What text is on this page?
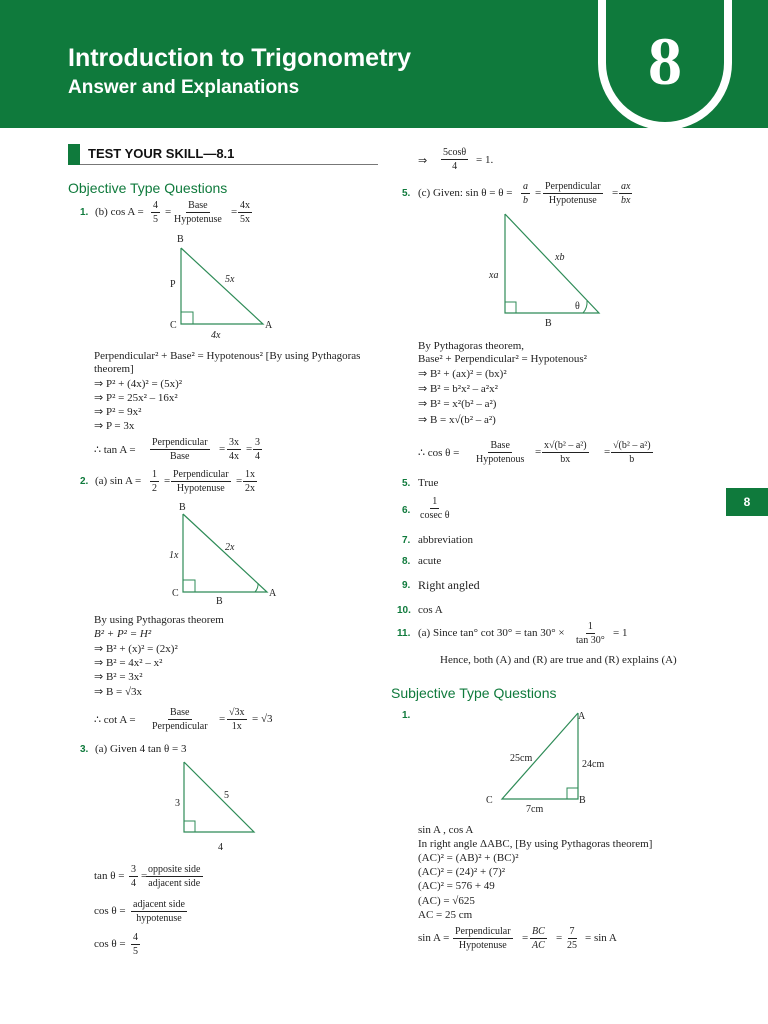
Introduction to Trigonometry
Answer and Explanations	8
8
TEST YOUR SKILL—8.1
Objective Type Questions
1. (b) $\cos A = \frac{4}{5}$ =
Base
Hypotenuse
= $\frac{4x}{5x}$
B
P	5x
C	A
4x
Perpendicular² + Base² = Hypotenous² [By using Pythagoras
theorem]
⇒ P² + (4x)² = (5x)²
⇒ P² = 25x² – 16x²
⇒ P² = 9x²
⇒ P = 3x
∴ tan A =
Perpendicular
Base
= $\frac{3x}{4x} = \frac{3}{4}$
2. (a) $\sin A = \frac{1}{2}$ =
Perpendicular
Hypotenuse
= $\frac{1x}{2x}$
B
1x
2x
C
B
A
By using Pythagoras theorem
B² + P² = H²
⇒ B² + (x)² = (2x)²
⇒ B² = 4x² – x²
⇒ B² = 3x²
⇒ B = √3x
∴ cot A =
Base
Perpendicular
= $\frac{√3x}{1x} = √3$
3. (a) Given 4 tan θ = 3
5
3
4
$\tan \theta = \frac{3}{4}$ =
opposite side
adjacent side
cos θ =
adjacent side
hypotenuse
$\cos \theta = \frac{4}{5}$
⇒ $\frac{5\cos\theta}{4} = 1$.
5. (c) Given: $\sin \theta = \theta = \frac{a}{b}$ =
Perpendicular
Hypotenuse
= $\frac{ax}{bx}$
xb
xa
θ
B
By Pythagoras theorem,
Base² + Perpendicular² = Hypotenous²
⇒ B² + (ax)² = (bx)²
⇒ B² = b²x² – a²x²
⇒ B² = x²(b² – a²)
⇒ B = x√(b² – a²)
∴ cos θ =
Base
Hypotenous
= $\frac{\text{x√(b² – a²)}}{bx} = \frac{\text{√(b² – a²)}}{b}$
5. True
6. $\frac{1}{\text{cosec θ}}$
7. abbreviation
8. acute
9. Right angled
10. cos A
11. (a) Since tan° $\cot 30^\circ = \tan 30^\circ \times \frac{1}{\tan 30^\circ} = 1$
Hence, both (A) and (R) are true and (R) explains (A)
Subjective Type Questions
1.	A
25cm
24cm
C	B
7cm
sin A , cos A
In right angle ΔABC, [By using Pythagoras theorem]
(AC)² = (AB)² + (BC)²
(AC)² = (24)² + (7)²
(AC)² = 576 + 49
(AC) = √625
AC = 25 cm
sin A =
Perpendicular
Hypotenuse
= $\frac{BC}{AC} = \frac{7}{25} = \sin A$
